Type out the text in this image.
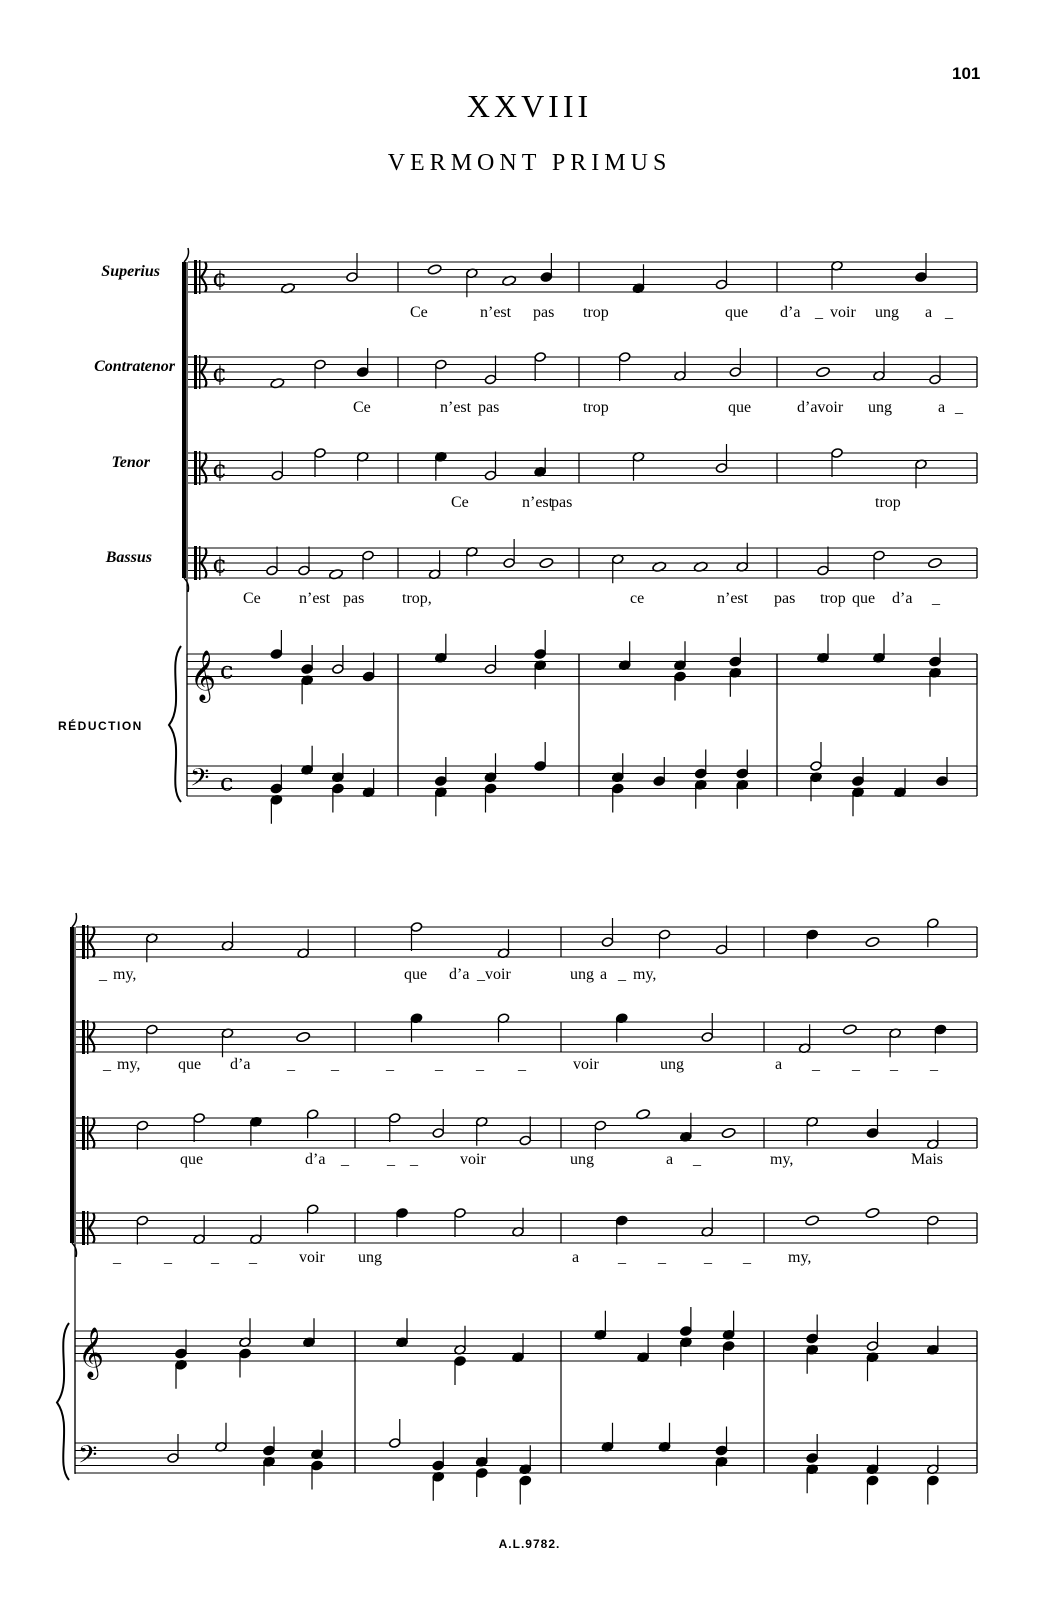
101
XXVIII
VERMONT PRIMUS
Superius
Contratenor
Tenor
Bassus
RÉDUCTION
¢
¢
¢
¢
𝄞 c
𝄢 c
𝄞
𝄢
Ce	n’est pas trop	que d’a _ voir ung a _
Ce	n’est pas	trop	que	d’avoir ung	a _
Ce	n’est
pas	trop
Ce n’est pas trop,	ce	n’est pas trop que d’a _
_ my,	que d’a _ voir	ung a _ my,
_ my, que d’a _ _	_	_ _ _	voir	ung	a _ _ _ _
que	d’a _ _ _	voir	ung	a _	my,	Mais
_	_ _ _	voir ung	a _ _ _ _ my,
A.L.9782.
